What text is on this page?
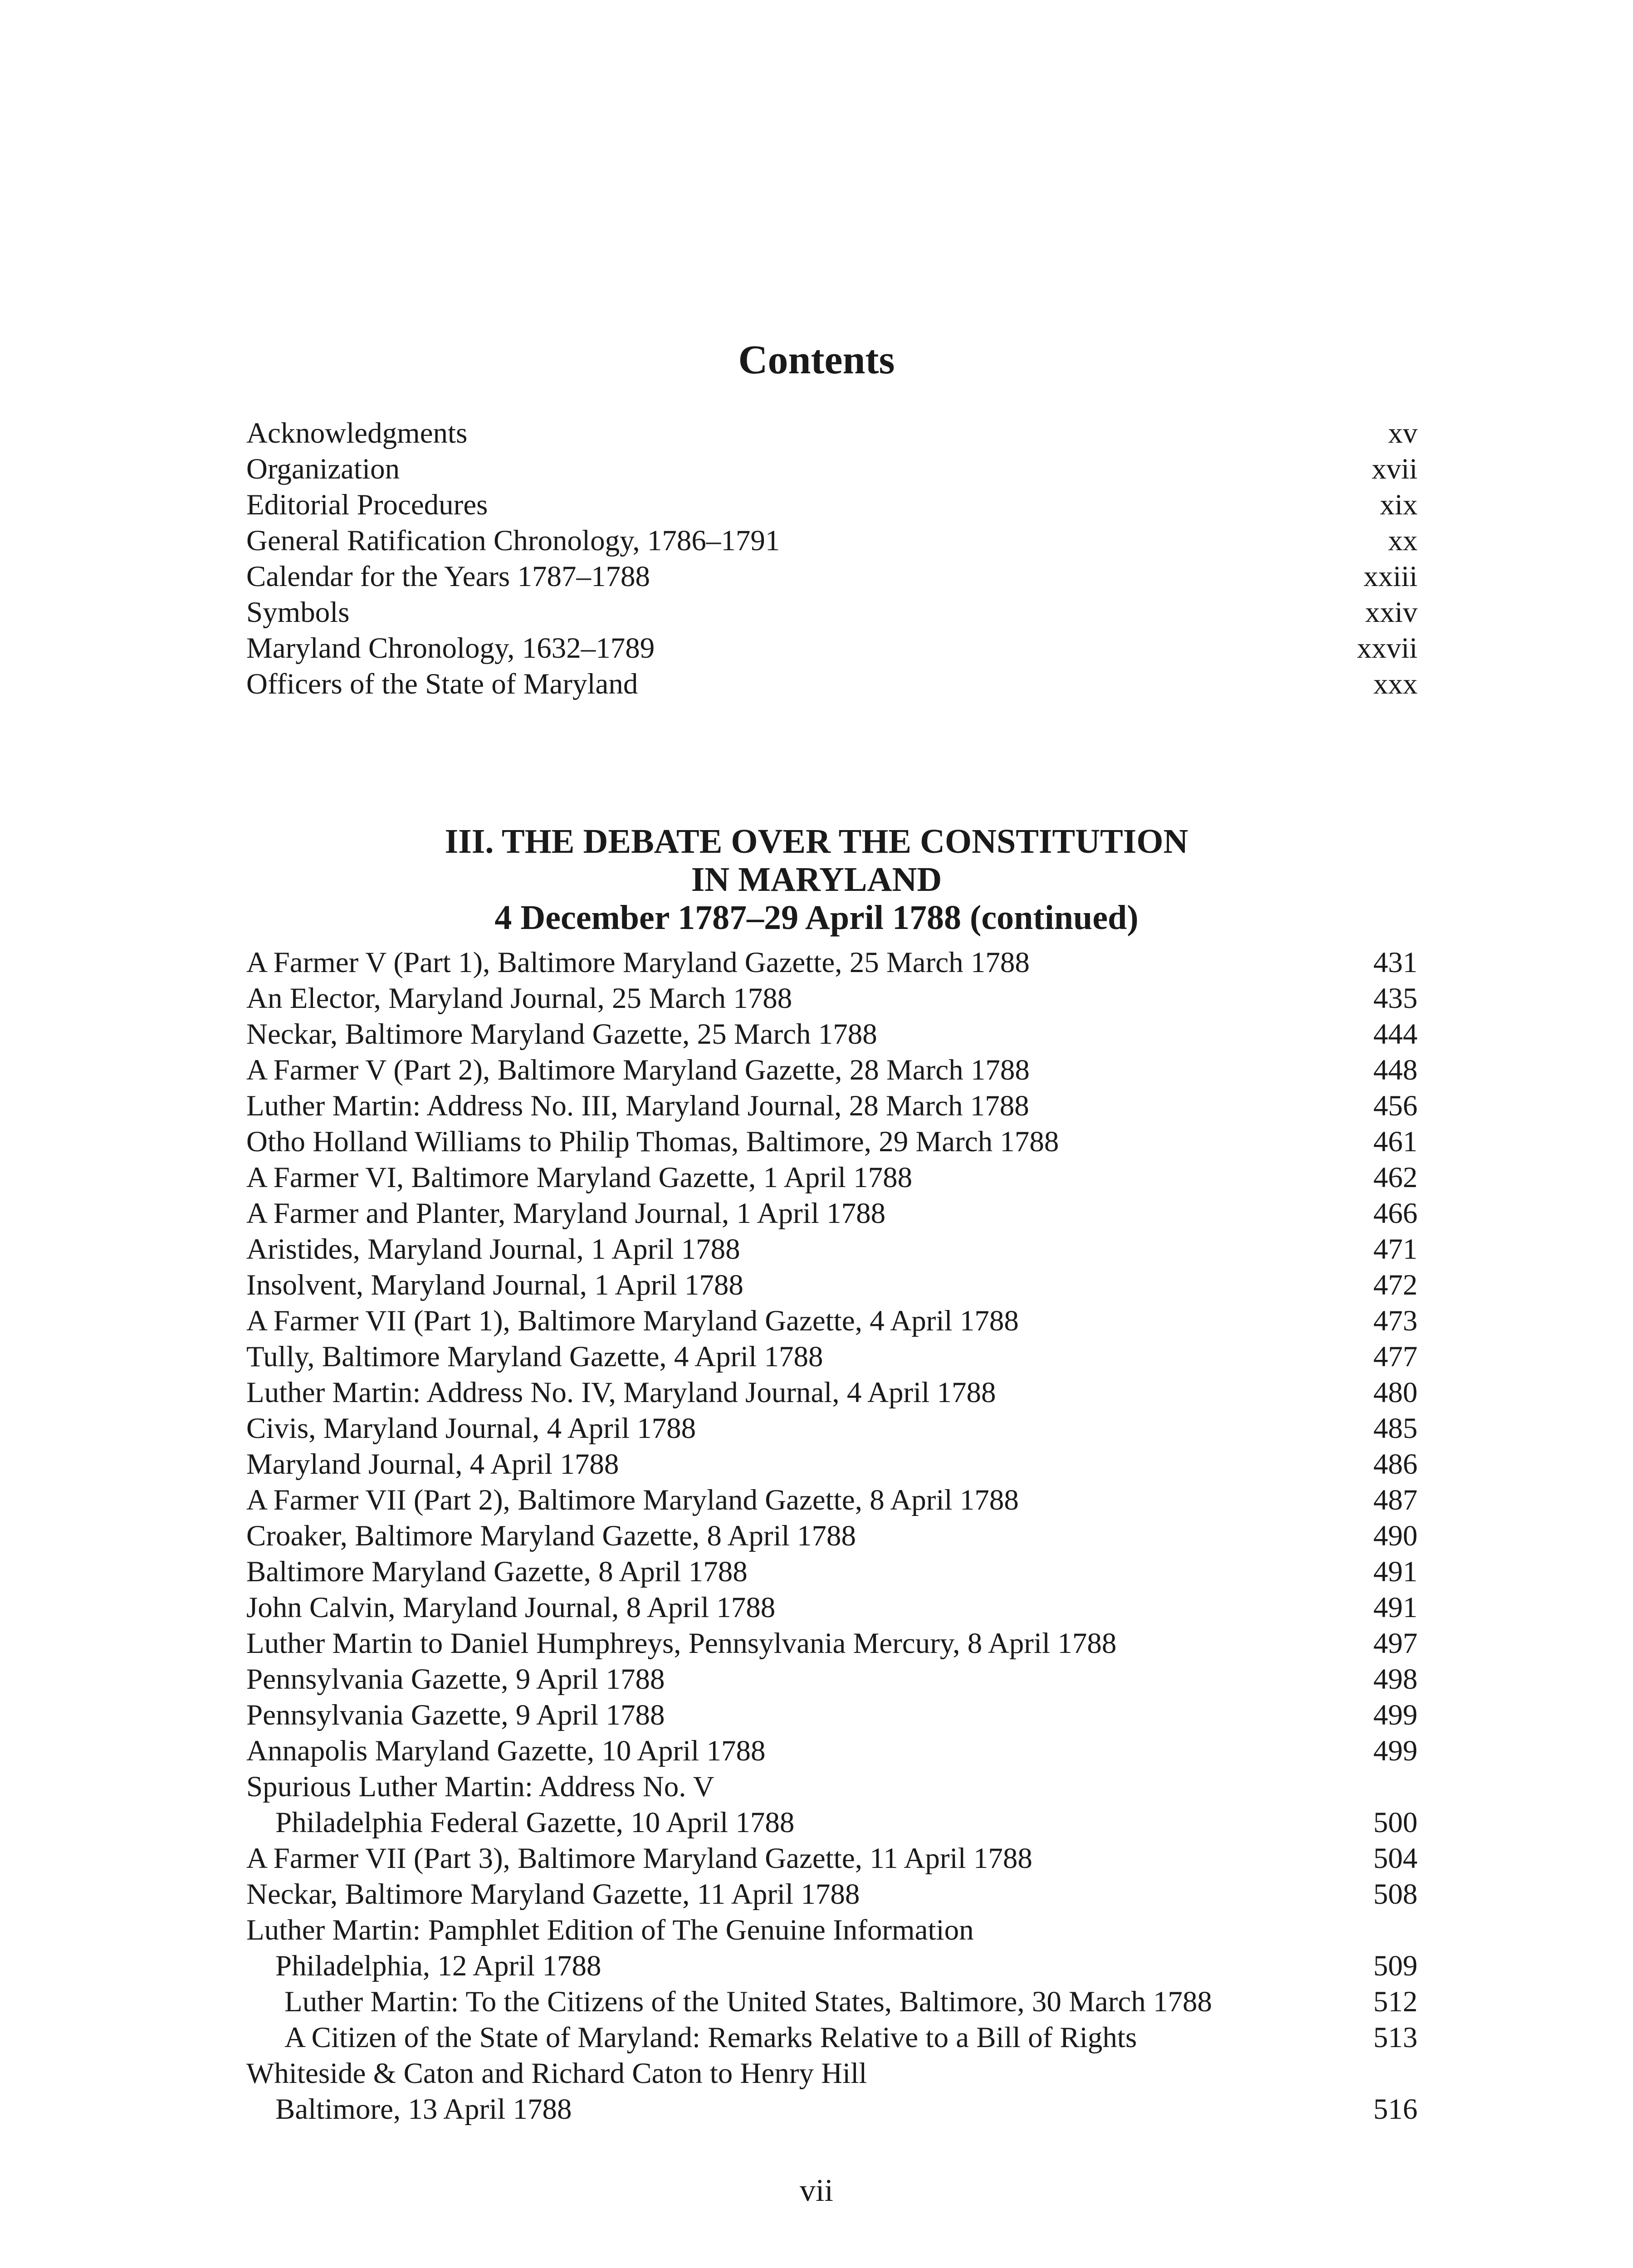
Contents
Acknowledgments	xv
Organization	xvii
Editorial Procedures	xix
General Ratification Chronology, 1786–1791	xx
Calendar for the Years 1787–1788	xxiii
Symbols	xxiv
Maryland Chronology, 1632–1789	xxvii
Officers of the State of Maryland	xxx
III. THE DEBATE OVER THE CONSTITUTION
IN MARYLAND
4 December 1787–29 April 1788 (continued)
A Farmer V (Part 1), Baltimore Maryland Gazette, 25 March 1788	431
An Elector, Maryland Journal, 25 March 1788	435
Neckar, Baltimore Maryland Gazette, 25 March 1788	444
A Farmer V (Part 2), Baltimore Maryland Gazette, 28 March 1788	448
Luther Martin: Address No. III, Maryland Journal, 28 March 1788	456
Otho Holland Williams to Philip Thomas, Baltimore, 29 March 1788	461
A Farmer VI, Baltimore Maryland Gazette, 1 April 1788	462
A Farmer and Planter, Maryland Journal, 1 April 1788	466
Aristides, Maryland Journal, 1 April 1788	471
Insolvent, Maryland Journal, 1 April 1788	472
A Farmer VII (Part 1), Baltimore Maryland Gazette, 4 April 1788	473
Tully, Baltimore Maryland Gazette, 4 April 1788	477
Luther Martin: Address No. IV, Maryland Journal, 4 April 1788	480
Civis, Maryland Journal, 4 April 1788	485
Maryland Journal, 4 April 1788	486
A Farmer VII (Part 2), Baltimore Maryland Gazette, 8 April 1788	487
Croaker, Baltimore Maryland Gazette, 8 April 1788	490
Baltimore Maryland Gazette, 8 April 1788	491
John Calvin, Maryland Journal, 8 April 1788	491
Luther Martin to Daniel Humphreys, Pennsylvania Mercury, 8 April 1788	497
Pennsylvania Gazette, 9 April 1788	498
Pennsylvania Gazette, 9 April 1788	499
Annapolis Maryland Gazette, 10 April 1788	499
Spurious Luther Martin: Address No. V
Philadelphia Federal Gazette, 10 April 1788	500
A Farmer VII (Part 3), Baltimore Maryland Gazette, 11 April 1788	504
Neckar, Baltimore Maryland Gazette, 11 April 1788	508
Luther Martin: Pamphlet Edition of The Genuine Information
Philadelphia, 12 April 1788	509
Luther Martin: To the Citizens of the United States, Baltimore, 30 March 1788	512
A Citizen of the State of Maryland: Remarks Relative to a Bill of Rights	513
Whiteside & Caton and Richard Caton to Henry Hill
Baltimore, 13 April 1788	516
vii
